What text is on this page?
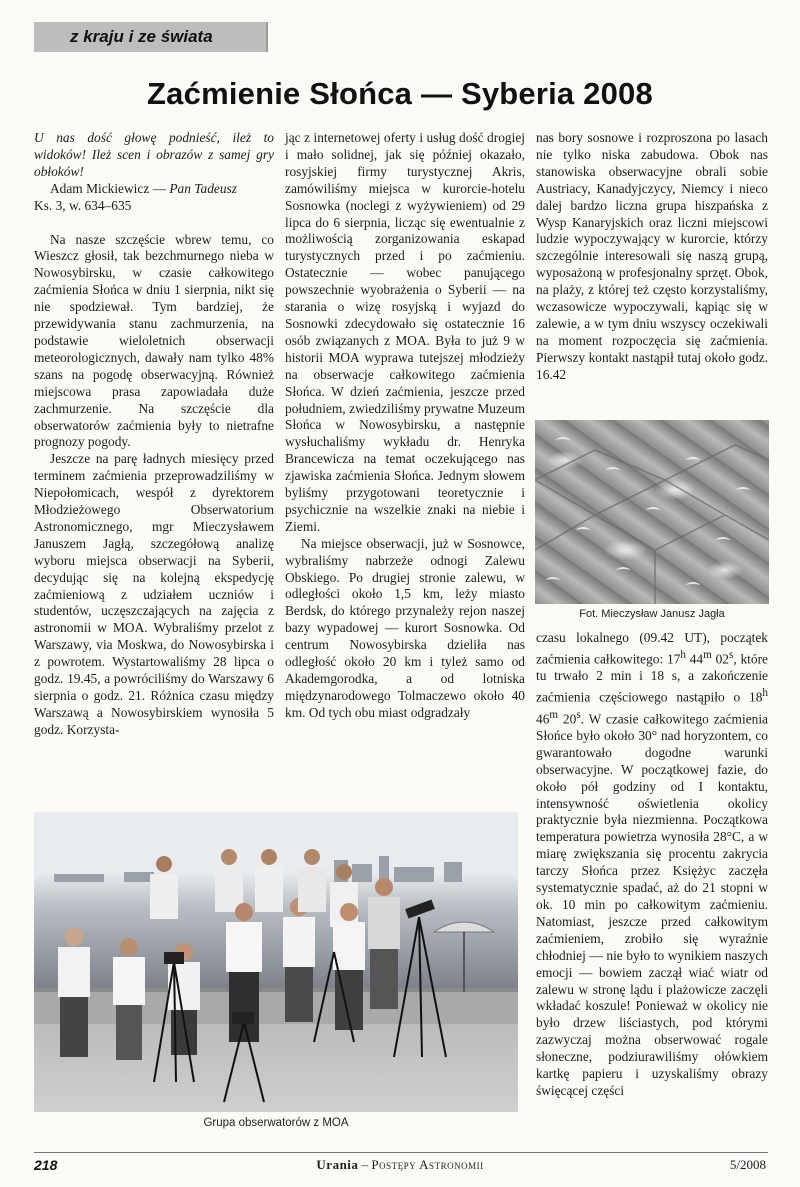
z kraju i ze świata
Zaćmienie Słońca — Syberia 2008

U nas dość głowę podnieść, ileż to widoków! Ileż scen i obrazów z samej gry obłoków!

Adam Mickiewicz — Pan Tadeusz

Ks. 3, w. 634–635

Na nasze szczęście wbrew temu, co Wieszcz głosił, tak bezchmurnego nieba w Nowosybirsku, w czasie całkowitego zaćmienia Słońca w dniu 1 sierpnia, nikt się nie spodziewał. Tym bardziej, że przewidywania stanu zachmurzenia, na podstawie wieloletnich obserwacji meteorologicznych, dawały nam tylko 48% szans na pogodę obserwacyjną. Również miejscowa prasa zapowiadała duże zachmurzenie. Na szczęście dla obserwatorów zaćmienia były to nietrafne prognozy pogody.

Jeszcze na parę ładnych miesięcy przed terminem zaćmienia przeprowadziliśmy w Niepołomicach, wespół z dyrektorem Młodzieżowego Obserwatorium Astronomicznego, mgr Mieczysławem Januszem Jagłą, szczegółową analizę wyboru miejsca obserwacji na Syberii, decydując się na kolejną ekspedycję zaćmieniową z udziałem uczniów i studentów, uczęszczających na zajęcia z astronomii w MOA. Wybraliśmy przelot z Warszawy, via Moskwa, do Nowosybirska i z powrotem. Wystartowaliśmy 28 lipca o godz. 19.45, a powróciliśmy do Warszawy 6 sierpnia o godz. 21. Różnica czasu między Warszawą a Nowosybirskiem wynosiła 5 godz. Korzysta-

jąc z internetowej oferty i usług dość drogiej i mało solidnej, jak się później okazało, rosyjskiej firmy turystycznej Akris, zamówiliśmy miejsca w kurorcie-hotelu Sosnowka (noclegi z wyżywieniem) od 29 lipca do 6 sierpnia, licząc się ewentualnie z możliwością zorganizowania eskapad turystycznych przed i po zaćmieniu. Ostatecznie — wobec panującego powszechnie wyobrażenia o Syberii — na starania o wizę rosyjską i wyjazd do Sosnowki zdecydowało się ostatecznie 16 osób związanych z MOA. Była to już 9 w historii MOA wyprawa tutejszej młodzieży na obserwacje całkowitego zaćmienia Słońca. W dzień zaćmienia, jeszcze przed południem, zwiedziliśmy prywatne Muzeum Słońca w Nowosybirsku, a następnie wysłuchaliśmy wykładu dr. Henryka Brancewicza na temat oczekującego nas zjawiska zaćmienia Słońca. Jednym słowem byliśmy przygotowani teoretycznie i psychicznie na wszelkie znaki na niebie i Ziemi.

Na miejsce obserwacji, już w Sosnowce, wybraliśmy nabrzeże odnogi Zalewu Obskiego. Po drugiej stronie zalewu, w odległości około 1,5 km, leży miasto Berdsk, do którego przynależy rejon naszej bazy wypadowej — kurort Sosnowka. Od centrum Nowosybirska dzieliła nas odległość około 20 km i tyleż samo od Akademgorodka, a od lotniska międzynarodowego Tolmaczewo około 40 km. Od tych obu miast odgradzały

nas bory sosnowe i rozproszona po lasach nie tylko niska zabudowa. Obok nas stanowiska obserwacyjne obrali sobie Austriacy, Kanadyjczycy, Niemcy i nieco dalej bardzo liczna grupa hiszpańska z Wysp Kanaryjskich oraz liczni miejscowi ludzie wypoczywający w kurorcie, którzy szczególnie interesowali się naszą grupą, wyposażoną w profesjonalny sprzęt. Obok, na plaży, z której też często korzystaliśmy, wczasowicze wypoczywali, kąpiąc się w zalewie, a w tym dniu wszyscy oczekiwali na moment rozpoczęcia się zaćmienia. Pierwszy kontakt nastąpił tutaj około godz. 16.42

Fot. Mieczysław Janusz Jagła

czasu lokalnego (09.42 UT), początek zaćmienia całkowitego: 17$^h$ 44$^m$ 02$^s$, które tu trwało 2 min i 18 s, a zakończenie zaćmienia częściowego nastąpiło o 18$^h$ 46$^m$ 20$^s$. W czasie całkowitego zaćmienia Słońce było około 30° nad horyzontem, co gwarantowało dogodne warunki obserwacyjne. W początkowej fazie, do około pół godziny od I kontaktu, intensywność oświetlenia okolicy praktycznie była niezmienna. Początkowa temperatura powietrza wynosiła 28°C, a w miarę zwiększania się procentu zakrycia tarczy Słońca przez Księżyc zaczęła systematycznie spadać, aż do 21 stopni w ok. 10 min po całkowitym zaćmieniu. Natomiast, jeszcze przed całkowitym zaćmieniem, zrobiło się wyraźnie chłodniej — nie było to wynikiem naszych emocji — bowiem zaczął wiać wiatr od zalewu w stronę lądu i plażowicze zaczęli wkładać koszule! Ponieważ w okolicy nie było drzew liściastych, pod którymi zazwyczaj można obserwować rogale słoneczne, podziurawiliśmy ołówkiem kartkę papieru i uzyskaliśmy obrazy święcącej części

Grupa obserwatorów z MOA
218	Urania – Postępy Astronomii	5/2008
